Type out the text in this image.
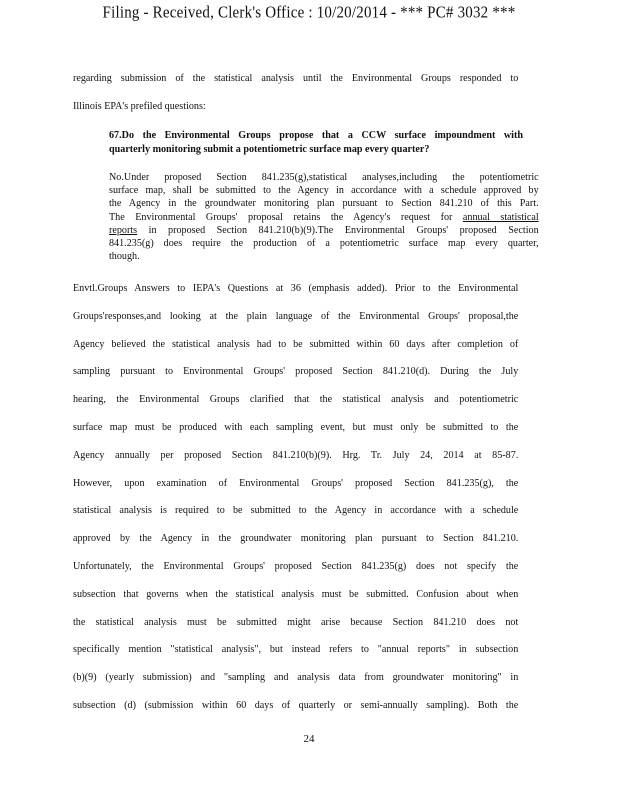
Filing - Received, Clerk's Office : 10/20/2014 - *** PC# 3032 ***
regarding submission of the statistical analysis until the Environmental Groups responded to
Illinois EPA's prefiled questions:
67.Do the Environmental Groups propose that a CCW surface impoundment with
quarterly monitoring submit a potentiometric surface map every quarter?
No.Under proposed Section 841.235(g),statistical analyses,including the potentiometric
surface map, shall be submitted to the Agency in accordance with a schedule approved by
the Agency in the groundwater monitoring plan pursuant to Section 841.210 of this Part.
The Environmental Groups' proposal retains the Agency's request for annual statistical
reports in proposed Section 841.210(b)(9).The Environmental Groups' proposed Section
841.235(g) does require the production of a potentiometric surface map every quarter,
though.
Envtl.Groups Answers to IEPA's Questions at 36 (emphasis added). Prior to the Environmental
Groups'responses,and looking at the plain language of the Environmental Groups' proposal,the
Agency believed the statistical analysis had to be submitted within 60 days after completion of
sampling pursuant to Environmental Groups' proposed Section 841.210(d). During the July
hearing, the Environmental Groups clarified that the statistical analysis and potentiometric
surface map must be produced with each sampling event, but must only be submitted to the
Agency annually per proposed Section 841.210(b)(9). Hrg. Tr. July 24, 2014 at 85-87.
However, upon examination of Environmental Groups' proposed Section 841.235(g), the
statistical analysis is required to be submitted to the Agency in accordance with a schedule
approved by the Agency in the groundwater monitoring plan pursuant to Section 841.210.
Unfortunately, the Environmental Groups' proposed Section 841.235(g) does not specify the
subsection that governs when the statistical analysis must be submitted. Confusion about when
the statistical analysis must be submitted might arise because Section 841.210 does not
specifically mention "statistical analysis", but instead refers to "annual reports" in subsection
(b)(9) (yearly submission) and "sampling and analysis data from groundwater monitoring" in
subsection (d) (submission within 60 days of quarterly or semi-annually sampling). Both the
24
